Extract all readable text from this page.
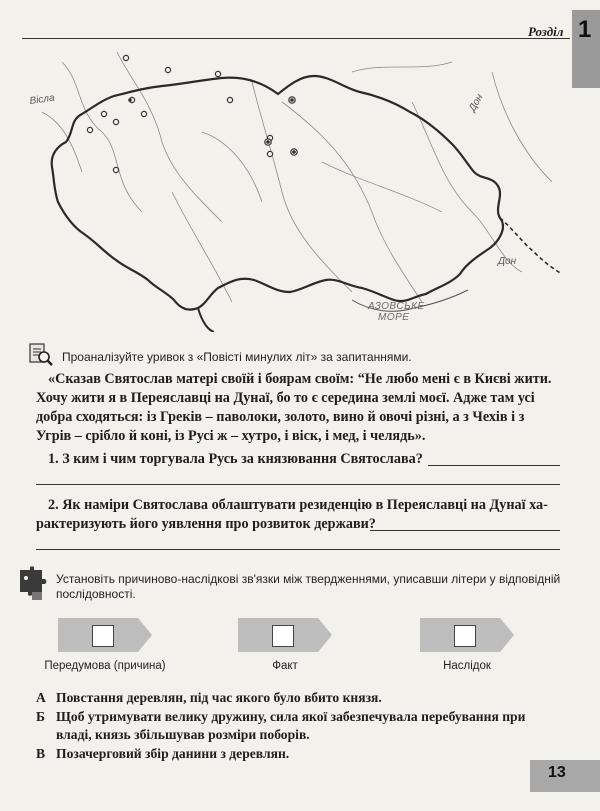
Розділ 1
Вісла	Дон
Дон
АЗОВСЬКЕ
МОРЕ
Проаналізуйте уривок з «Повісті минулих літ» за запитаннями.
«Сказав Святослав матері своїй і боярам своїм: “Не любо мені є в Києві жити.
Хочу жити я в Переяславці на Дунаї, бо то є середина землі моєї. Адже там усі
добра сходяться: із Греків – паволоки, золото, вино й овочі різні, а з Чехів і з
Угрів – срібло й коні, із Русі ж – хутро, і віск, і мед, і челядь».
1. З ким і чим торгувала Русь за князювання Святослава?
2. Як наміри Святослава облаштувати резиденцію в Переяславці на Дунаї ха-
рактеризують його уявлення про розвиток держави?
Установіть причиново-наслідкові зв'язки між твердженнями, уписавши літери у відповідній
послідовності.
Передумова (причина)	Факт	Наслідок
А Повстання деревлян, під час якого було вбито князя.
Б Щоб утримувати велику дружину, сила якої забезпечувала перебування при
владі, князь збільшував розміри поборів.
В Позачерговий збір данини з деревлян.
13
